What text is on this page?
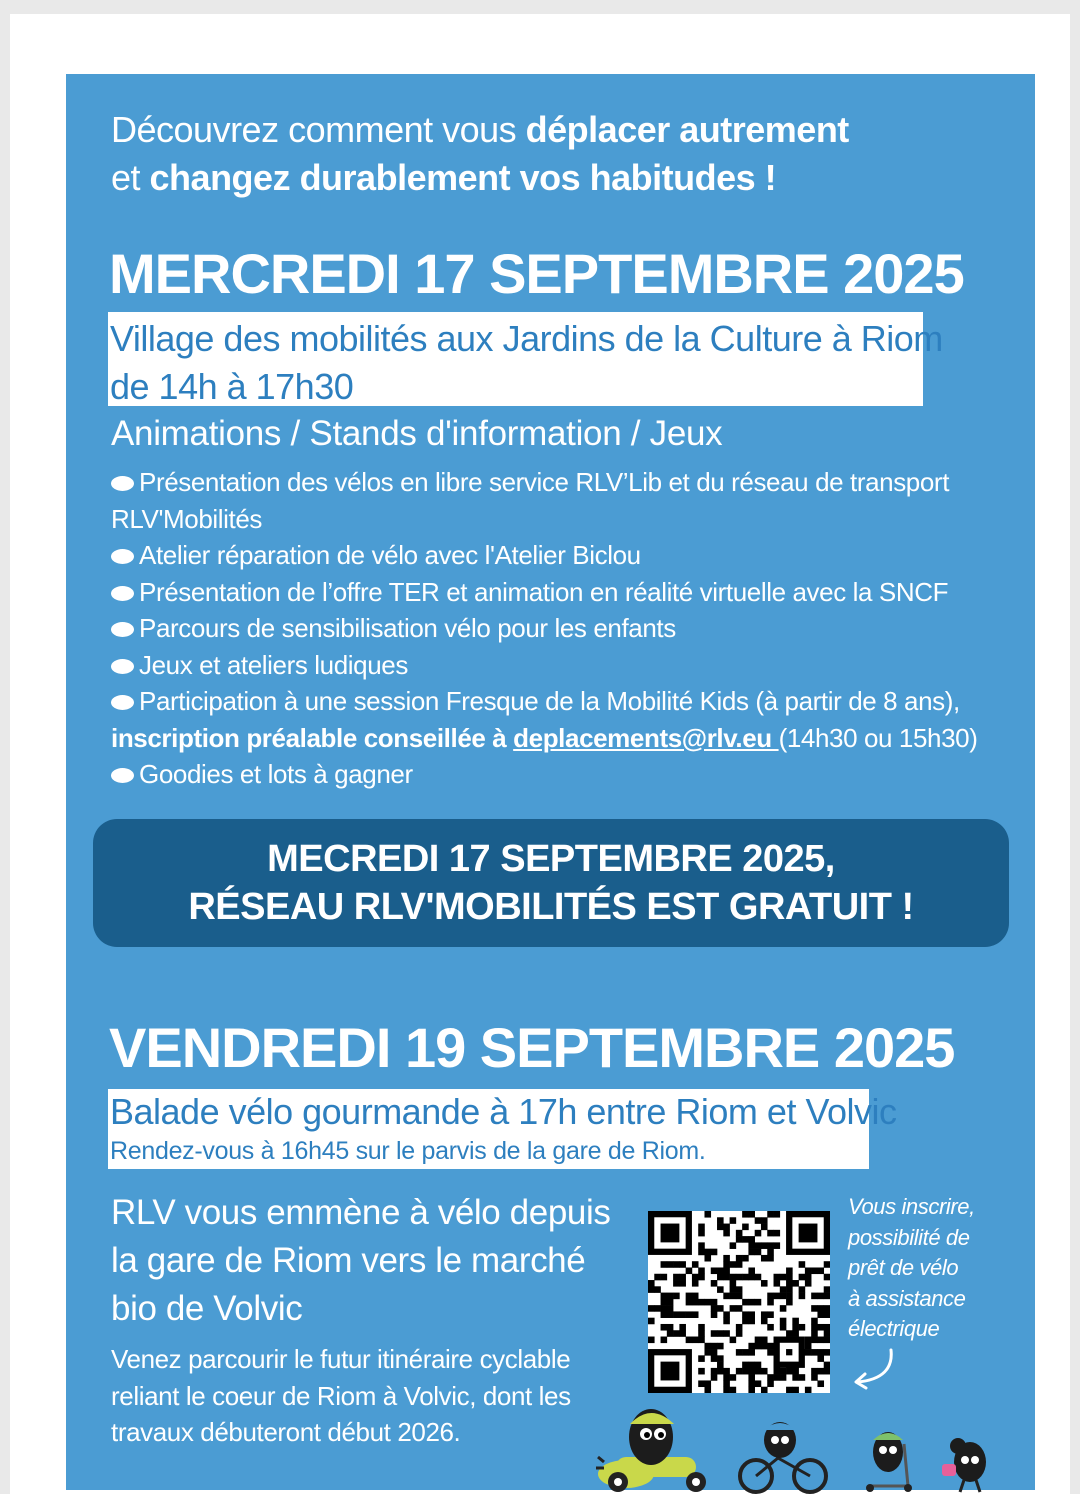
Découvrez comment vous déplacer autrement
et changez durablement vos habitudes !
MERCREDI 17 SEPTEMBRE 2025
Village des mobilités aux Jardins de la Culture à Riom
de 14h à 17h30
Animations / Stands d'information / Jeux
Présentation des vélos en libre service RLV’Lib et du réseau de transport
RLV'Mobilités
Atelier réparation de vélo avec l'Atelier Biclou
Présentation de l’offre TER et animation en réalité virtuelle avec la SNCF
Parcours de sensibilisation vélo pour les enfants
Jeux et ateliers ludiques
Participation à une session Fresque de la Mobilité Kids (à partir de 8 ans),
inscription préalable conseillée à deplacements@rlv.eu (14h30 ou 15h30)
Goodies et lots à gagner
MECREDI 17 SEPTEMBRE 2025,
RÉSEAU RLV'MOBILITÉS EST GRATUIT !
VENDREDI 19 SEPTEMBRE 2025
Balade vélo gourmande à 17h entre Riom et Volvic
Rendez-vous à 16h45 sur le parvis de la gare de Riom.
RLV vous emmène à vélo depuis
la gare de Riom vers le marché
bio de Volvic
Venez parcourir le futur itinéraire cyclable
reliant le coeur de Riom à Volvic, dont les
travaux débuteront début 2026.
Vous inscrire,
possibilité de
prêt de vélo
à assistance
électrique
